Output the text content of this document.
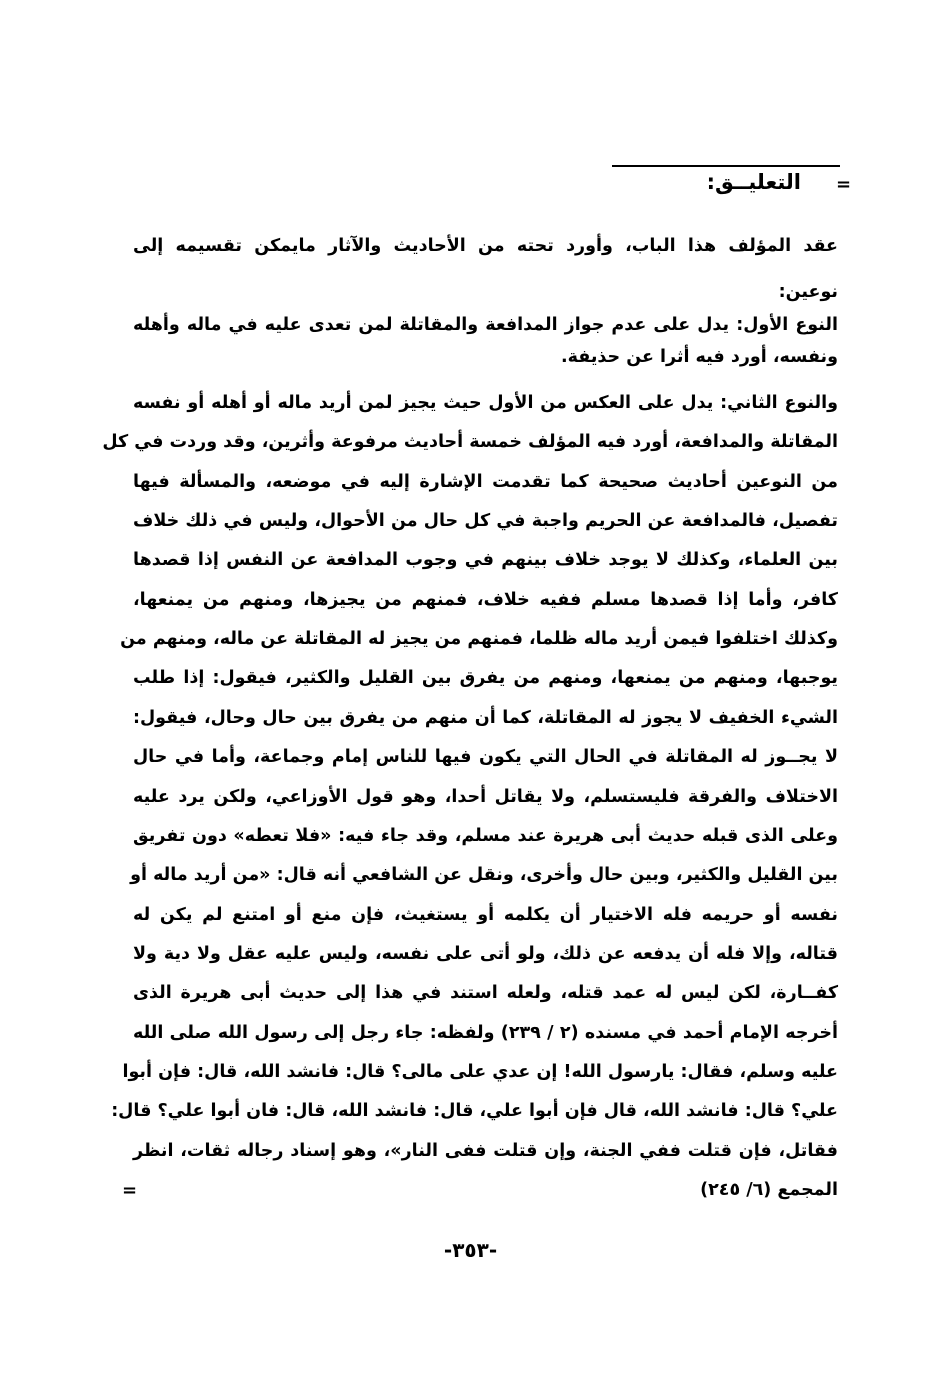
=
التعليــق:
عقد المؤلف هذا الباب، وأورد تحته من الأحاديث والآثار مايمكن تقسيمه إلى
نوعين:
النوع الأول: يدل على عدم جواز المدافعة والمقاتلة لمن تعدى عليه في ماله وأهله
ونفسه، أورد فيه أثرا عن حذيفة.
والنوع الثاني: يدل على العكس من الأول حيث يجيز لمن أريد ماله أو أهله أو نفسه
المقاتلة والمدافعة، أورد فيه المؤلف خمسة أحاديث مرفوعة وأثرين، وقد وردت في كل
من النوعين أحاديث صحيحة كما تقدمت الإشارة إليه في موضعه، والمسألة فيها
تفصيل، فالمدافعة عن الحريم واجبة في كل حال من الأحوال، وليس في ذلك خلاف
بين العلماء، وكذلك لا يوجد خلاف بينهم في وجوب المدافعة عن النفس إذا قصدها
كافر، وأما إذا قصدها مسلم ففيه خلاف، فمنهم من يجيزها، ومنهم من يمنعها،
وكذلك اختلفوا فيمن أريد ماله ظلما، فمنهم من يجيز له المقاتلة عن ماله، ومنهم من
يوجبها، ومنهم من يمنعها، ومنهم من يفرق بين القليل والكثير، فيقول: إذا طلب
الشيء الخفيف لا يجوز له المقاتلة، كما أن منهم من يفرق بين حال وحال، فيقول:
لا يجــوز له المقاتلة في الحال التي يكون فيها للناس إمام وجماعة، وأما في حال
الاختلاف والفرقة فليستسلم، ولا يقاتل أحدا، وهو قول الأوزاعي، ولكن يرد عليه
وعلى الذى قبله حديث أبى هريرة عند مسلم، وقد جاء فيه: «فلا تعطه» دون تفريق
بين القليل والكثير، وبين حال وأخرى، ونقل عن الشافعي أنه قال: «من أريد ماله أو
نفسه أو حريمه فله الاختيار أن يكلمه أو يستغيث، فإن منع أو امتنع لم يكن له
قتاله، وإلا فله أن يدفعه عن ذلك، ولو أتى على نفسه، وليس عليه عقل ولا دية ولا
كفــارة، لكن ليس له عمد قتله، ولعله استند في هذا إلى حديث أبى هريرة الذى
أخرجه الإمام أحمد في مسنده (٢ / ٢٣٩) ولفظه: جاء رجل إلى رسول الله صلى الله
عليه وسلم، فقال: يارسول الله! إن عدي على مالى؟ قال: فانشد الله، قال: فإن أبوا
علي؟ قال: فانشد الله، قال فإن أبوا علي، قال: فانشد الله، قال: فان أبوا علي؟ قال:
فقاتل، فإن قتلت ففي الجنة، وإن قتلت ففى النار»، وهو إسناد رجاله ثقات، انظر
المجمع (٦/ ٢٤٥)
=
-٣٥٣-
